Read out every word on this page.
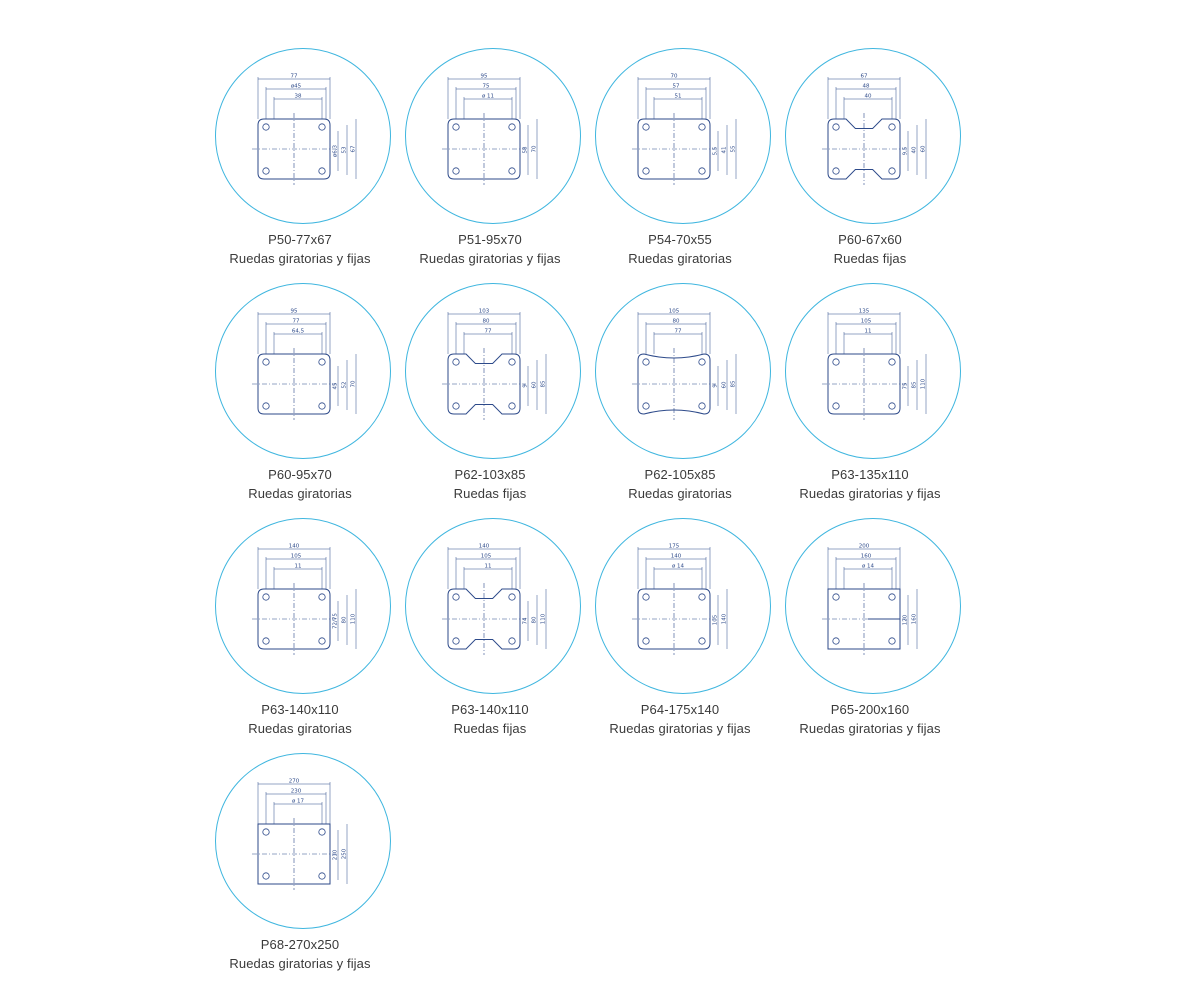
77
ø45
38
ø6,3 53 67
P50-77x67
Ruedas giratorias y fijas
95
75
ø 11
58 70
P51-95x70
Ruedas giratorias y fijas
70
57
51
5,5 41 55
P54-70x55
Ruedas giratorias
67
48
40
9,5 40 60
P60-67x60
Ruedas fijas
95
77
64,5
45 52 70
P60-95x70
Ruedas giratorias
103
80
77
9 60 85
P62-103x85
Ruedas fijas
105
80
77
9 60 85
P62-105x85
Ruedas giratorias
135
105
11
75 85 110
P63-135x110
Ruedas giratorias y fijas
140
105
11
72/75 80 110
P63-140x110
Ruedas giratorias
140
105
11
74 80 110
P63-140x110
Ruedas fijas
175
140
ø 14
105 140
P64-175x140
Ruedas giratorias y fijas
200
160
ø 14
120 160
P65-200x160
Ruedas giratorias y fijas
270
230
ø 17
210 250
P68-270x250
Ruedas giratorias y fijas
